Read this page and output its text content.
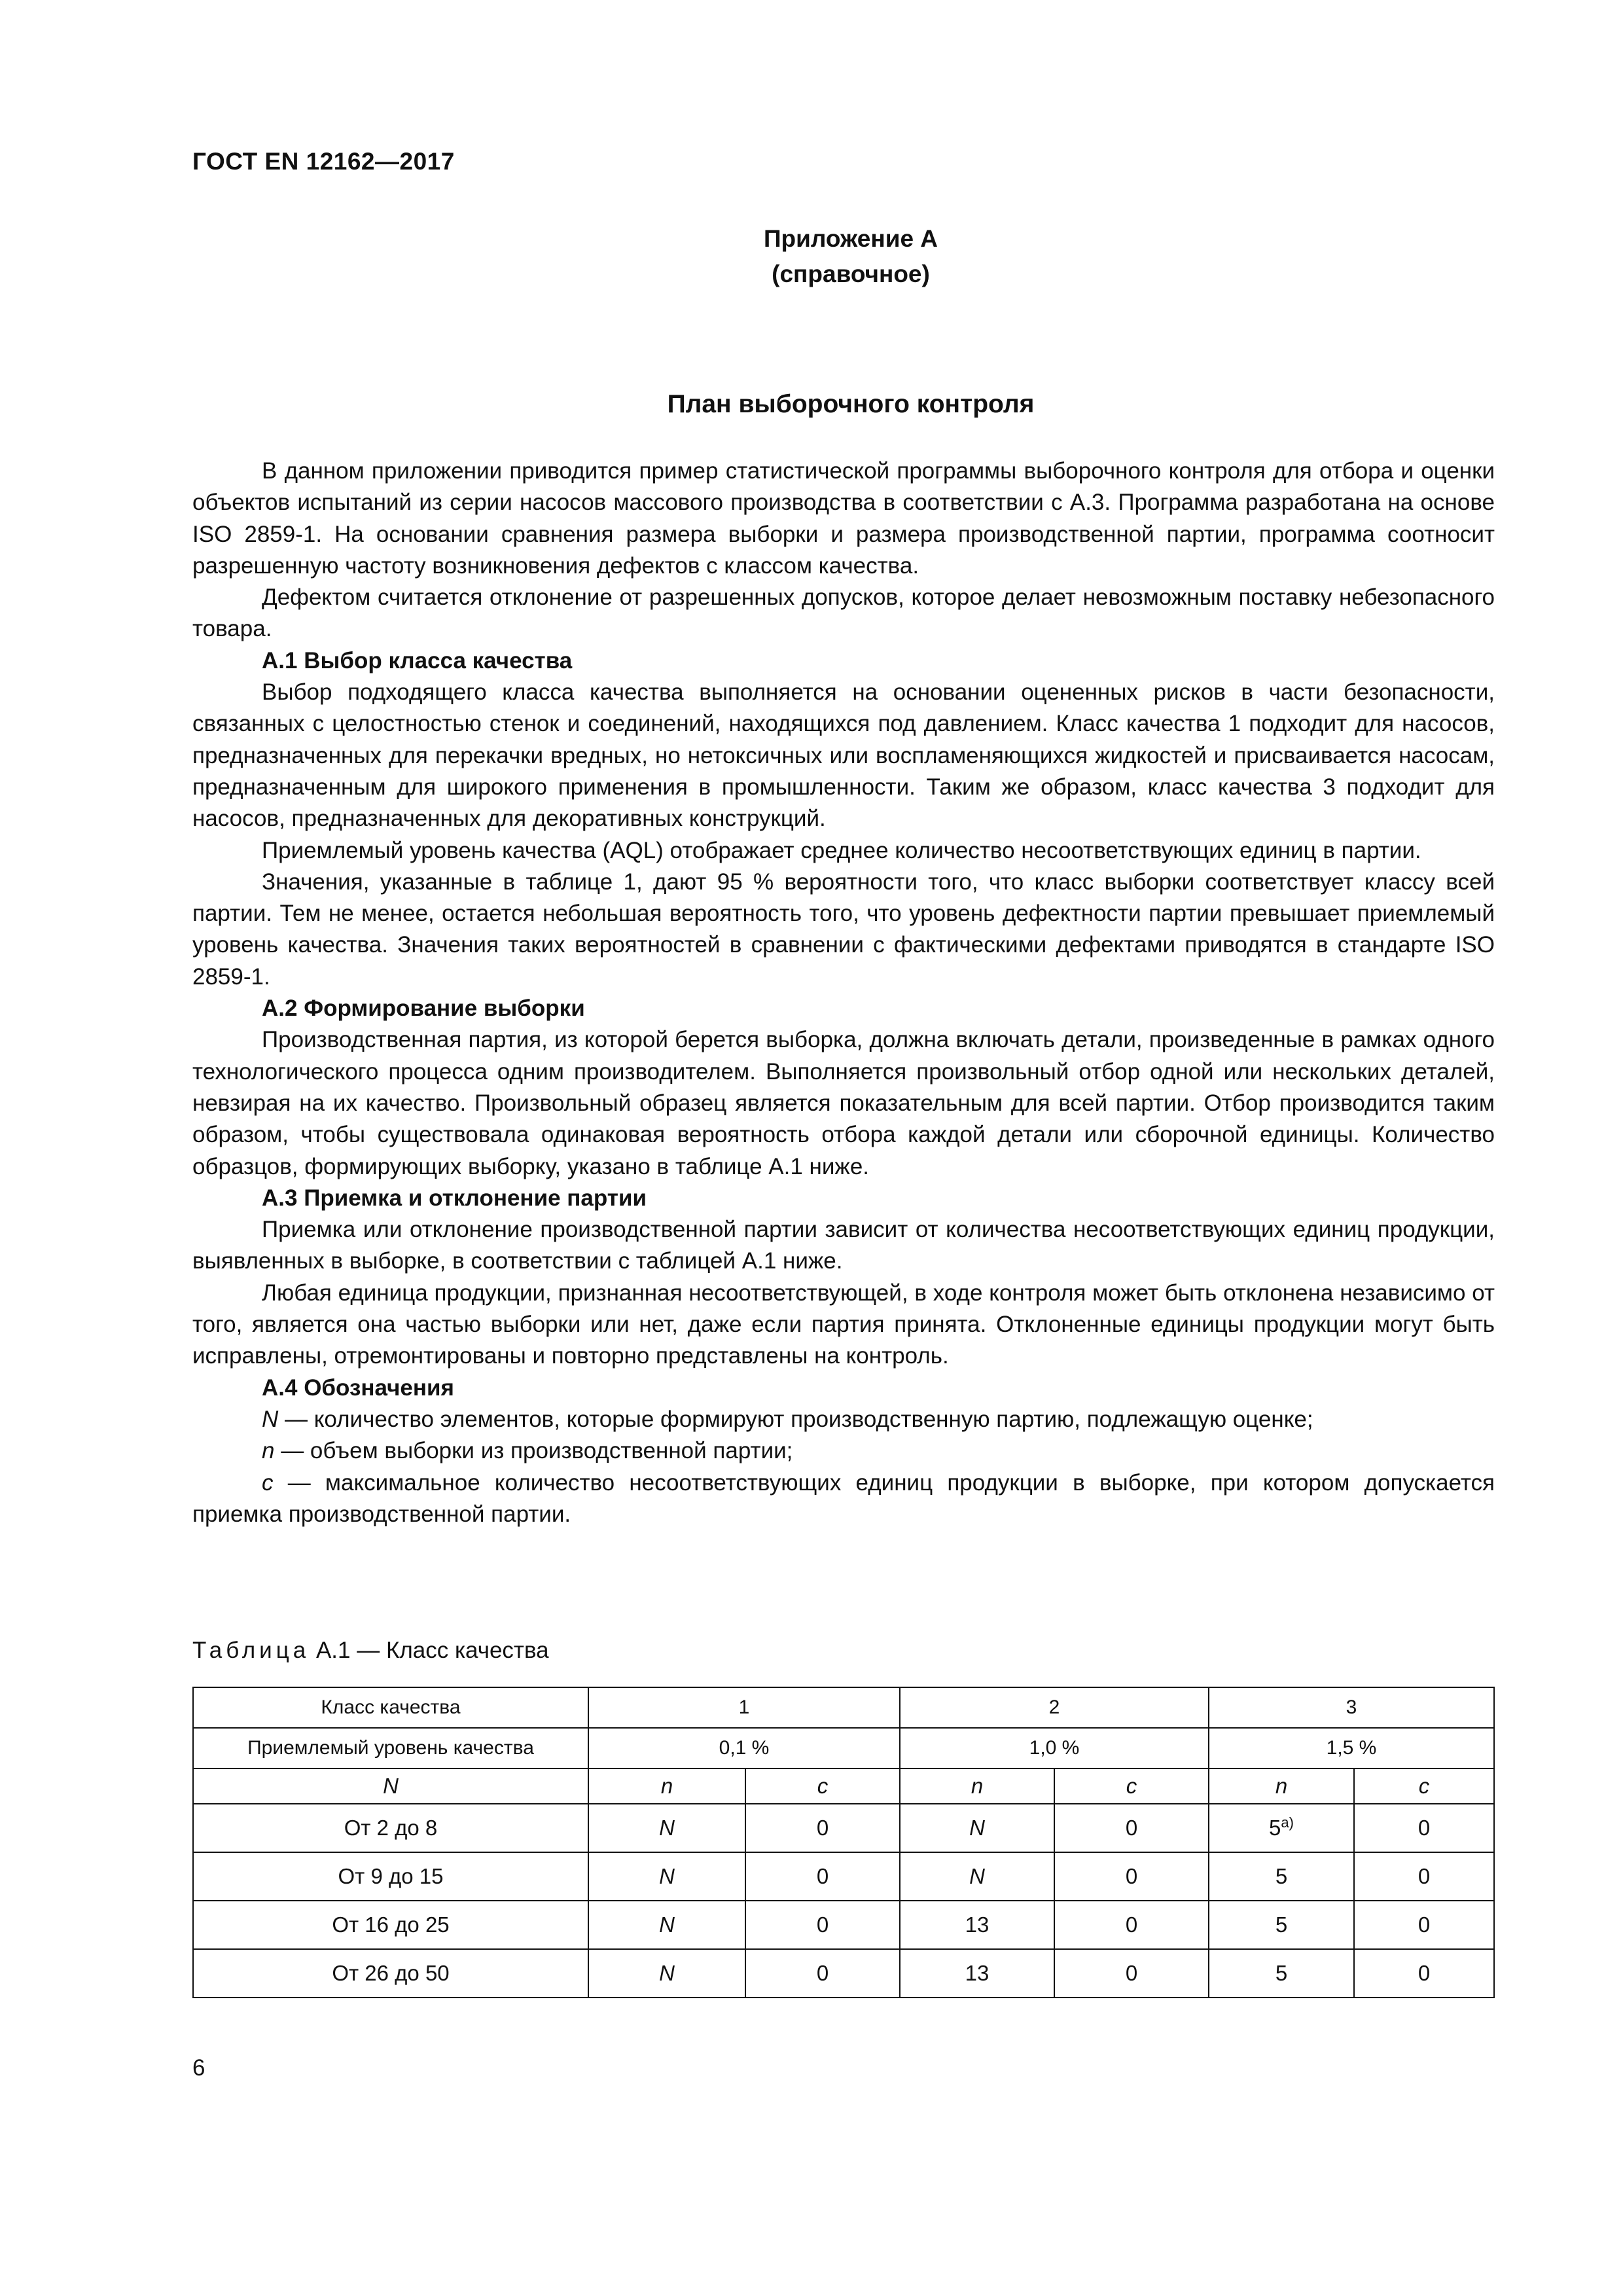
ГОСТ EN 12162—2017
Приложение А
(справочное)
План выборочного контроля

В данном приложении приводится пример статистической программы выборочного контроля для отбора и оценки объектов испытаний из серии насосов массового производства в соответствии с А.3. Программа разработана на основе ISO 2859-1. На основании сравнения размера выборки и размера производственной партии, программа соотносит разрешенную частоту возникновения дефектов с классом качества.

Дефектом считается отклонение от разрешенных допусков, которое делает невозможным поставку небезопасного товара.

А.1 Выбор класса качества

Выбор подходящего класса качества выполняется на основании оцененных рисков в части безопасности, связанных с целостностью стенок и соединений, находящихся под давлением. Класс качества 1 подходит для насосов, предназначенных для перекачки вредных, но нетоксичных или воспламеняющихся жидкостей и присваивается насосам, предназначенным для широкого применения в промышленности. Таким же образом, класс качества 3 подходит для насосов, предназначенных для декоративных конструкций.

Приемлемый уровень качества (AQL) отображает среднее количество несоответствующих единиц в партии.

Значения, указанные в таблице 1, дают 95 % вероятности того, что класс выборки соответствует классу всей партии. Тем не менее, остается небольшая вероятность того, что уровень дефектности партии превышает приемлемый уровень качества. Значения таких вероятностей в сравнении с фактическими дефектами приводятся в стандарте ISO 2859-1.

А.2 Формирование выборки

Производственная партия, из которой берется выборка, должна включать детали, произведенные в рамках одного технологического процесса одним производителем. Выполняется произвольный отбор одной или нескольких деталей, невзирая на их качество. Произвольный образец является показательным для всей партии. Отбор производится таким образом, чтобы существовала одинаковая вероятность отбора каждой детали или сборочной единицы. Количество образцов, формирующих выборку, указано в таблице А.1 ниже.

А.3 Приемка и отклонение партии

Приемка или отклонение производственной партии зависит от количества несоответствующих единиц продукции, выявленных в выборке, в соответствии с таблицей А.1 ниже.

Любая единица продукции, признанная несоответствующей, в ходе контроля может быть отклонена независимо от того, является она частью выборки или нет, даже если партия принята. Отклоненные единицы продукции могут быть исправлены, отремонтированы и повторно представлены на контроль.

А.4 Обозначения

N — количество элементов, которые формируют производственную партию, подлежащую оценке;

n — объем выборки из производственной партии;

c — максимальное количество несоответствующих единиц продукции в выборке, при котором допускается приемка производственной партии.

Таблица А.1 — Класс качества
Класс качества	1		2		3	
Приемлемый уровень качества	0,1 %		1,0 %		1,5 %	
N	n	c	n	c	n	c
От 2 до 8	N	0	N	0	$5^{а)}$	0
От 9 до 15	N	0	N	0	5	0
От 16 до 25	N	0	13	0	5	0
От 26 до 50	N	0	13	0	5	0
6
